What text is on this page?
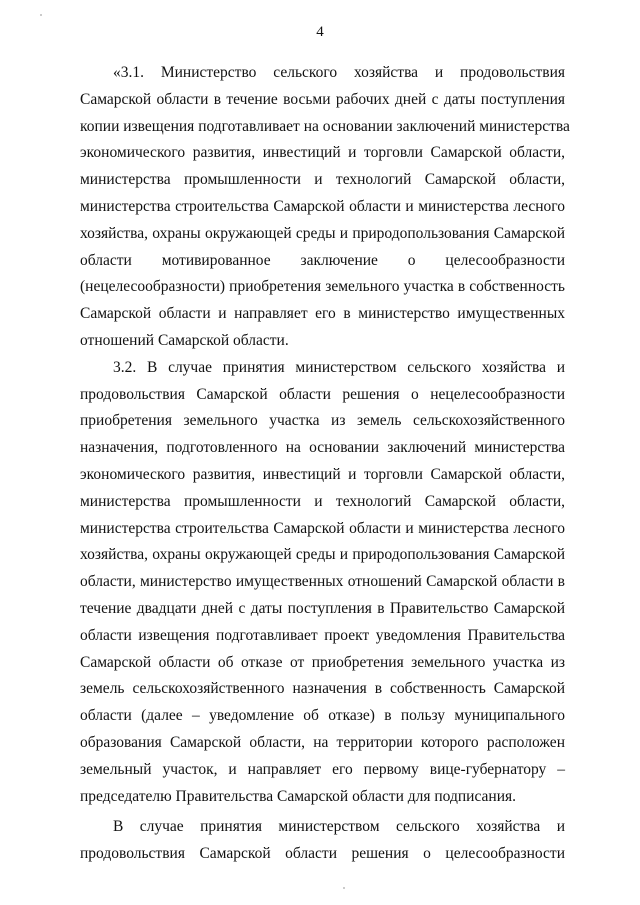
4

«3.1. Министерство сельского хозяйства и продовольствия
Самарской области в течение восьми рабочих дней с даты поступления
копии извещения подготавливает на основании заключений министерства
экономического развития, инвестиций и торговли Самарской области,
министерства промышленности и технологий Самарской области,
министерства строительства Самарской области и министерства лесного
хозяйства, охраны окружающей среды и природопользования Самарской
области мотивированное заключение о целесообразности
(нецелесообразности) приобретения земельного участка в собственность
Самарской области и направляет его в министерство имущественных
отношений Самарской области.

3.2. В случае принятия министерством сельского хозяйства и
продовольствия Самарской области решения о нецелесообразности
приобретения земельного участка из земель сельскохозяйственного
назначения, подготовленного на основании заключений министерства
экономического развития, инвестиций и торговли Самарской области,
министерства промышленности и технологий Самарской области,
министерства строительства Самарской области и министерства лесного
хозяйства, охраны окружающей среды и природопользования Самарской
области, министерство имущественных отношений Самарской области в
течение двадцати дней с даты поступления в Правительство Самарской
области извещения подготавливает проект уведомления Правительства
Самарской области об отказе от приобретения земельного участка из
земель сельскохозяйственного назначения в собственность Самарской
области (далее – уведомление об отказе) в пользу муниципального
образования Самарской области, на территории которого расположен
земельный участок, и направляет его первому вице-губернатору –
председателю Правительства Самарской области для подписания.

В случае принятия министерством сельского хозяйства и
продовольствия Самарской области решения о целесообразности
